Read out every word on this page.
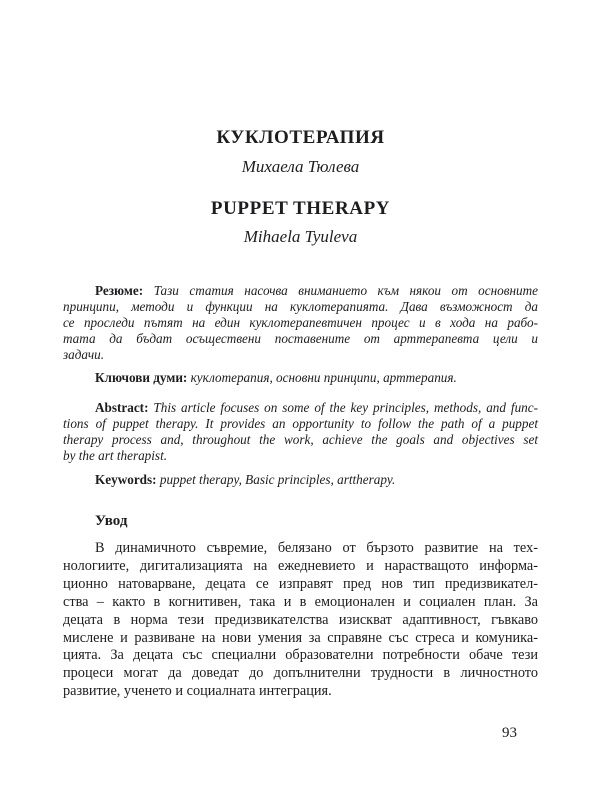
КУКЛОТЕРАПИЯ
Михаела Тюлева
PUPPET THERAPY
Mihaela Tyuleva
Резюме: Тази статия насочва вниманието към някои от основните
принципи, методи и функции на куклотерапията. Дава възможност да
се проследи пътят на един куклотерапевтичен процес и в хода на рабо-
тата да бъдат осъществени поставените от арттерапевта цели и
задачи.
Ключови думи: куклотерапия, основни принципи, арттерапия.
Abstract: This article focuses on some of the key principles, methods, and func-
tions of puppet therapy. It provides an opportunity to follow the path of a puppet
therapy process and, throughout the work, achieve the goals and objectives set
by the art therapist.
Keywords: puppet therapy, Basic principles, arttherapy.
Увод
В динамичното съвремие, белязано от бързото развитие на тех-
нологиите, дигитализацията на ежедневието и нарастващото информа-
ционно натоварване, децата се изправят пред нов тип предизвикател-
ства – както в когнитивен, така и в емоционален и социален план. За
децата в норма тези предизвикателства изискват адаптивност, гъвкаво
мислене и развиване на нови умения за справяне със стреса и комуника-
цията. За децата със специални образователни потребности обаче тези
процеси могат да доведат до допълнителни трудности в личностното
развитие, ученето и социалната интеграция.
93
